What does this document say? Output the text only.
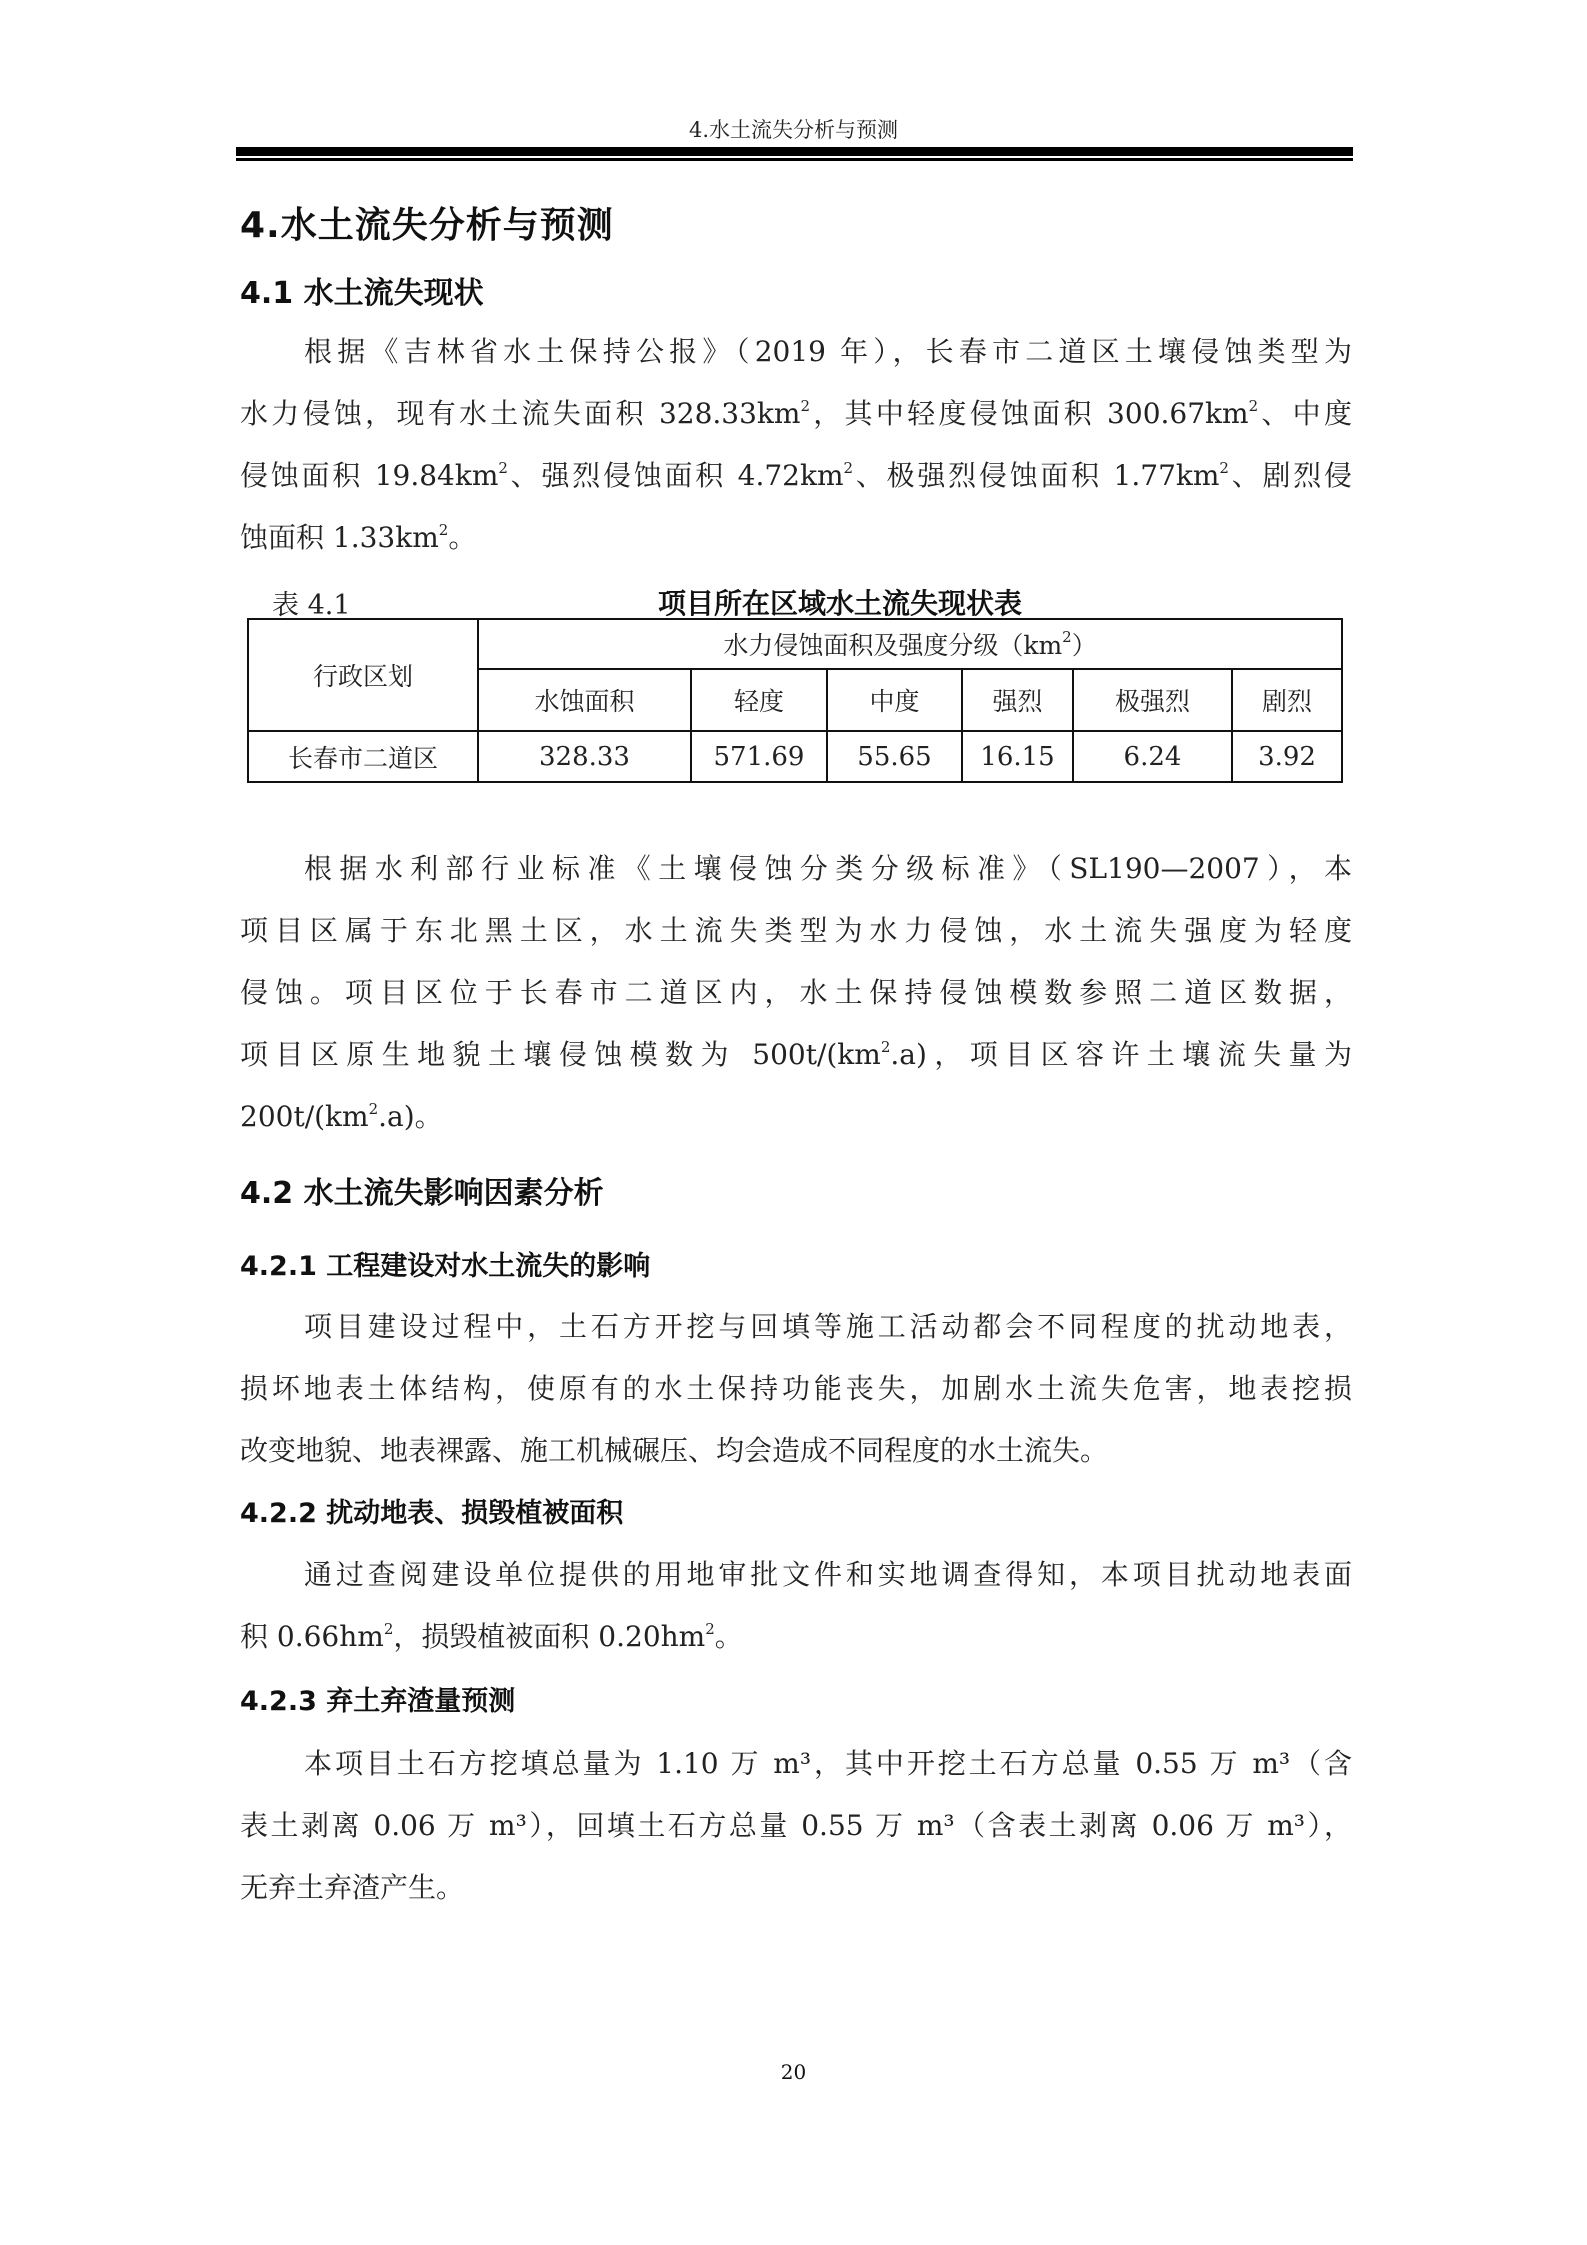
4.水土流失分析与预测
4.水土流失分析与预测
4.1 水土流失现状
根据《吉林省水土保持公报》（2019 年），长春市二道区土壤侵蚀类型为
水力侵蚀，现有水土流失面积 $328.33km^2$，其中轻度侵蚀面积 $300.67km^2$、中度
侵蚀面积 $19.84km^2$、强烈侵蚀面积 $4.72km^2$、极强烈侵蚀面积 $1.77km^2$、剧烈侵
蚀面积 $1.33km^2$。
表 4.1	项目所在区域水土流失现状表
行政区划	水力侵蚀面积及强度分级$(km^2)$					
	水蚀面积	轻度	中度	强烈	极强烈	剧烈
长春市二道区	328.33	571.69	55.65	16.15	6.24	3.92
根据水利部行业标准《土壤侵蚀分类分级标准》（SL190—2007），本
项目区属于东北黑土区，水土流失类型为水力侵蚀，水土流失强度为轻度
侵蚀。项目区位于长春市二道区内，水土保持侵蚀模数参照二道区数据，
项目区原生地貌土壤侵蚀模数为 $500t/(km^2.a)$，项目区容许土壤流失量为
$200t/(km^2.a)$。
4.2 水土流失影响因素分析
4.2.1 工程建设对水土流失的影响
项目建设过程中，土石方开挖与回填等施工活动都会不同程度的扰动地表，
损坏地表土体结构，使原有的水土保持功能丧失，加剧水土流失危害，地表挖损
改变地貌、地表裸露、施工机械碾压、均会造成不同程度的水土流失。
4.2.2 扰动地表、损毁植被面积
通过查阅建设单位提供的用地审批文件和实地调查得知，本项目扰动地表面
积 $0.66hm^2$，损毁植被面积 $0.20hm^2$。
4.2.3 弃土弃渣量预测
本项目土石方挖填总量为 1.10 万 m³，其中开挖土石方总量 0.55 万 m³（含
表土剥离 0.06 万 m³），回填土石方总量 0.55 万 m³（含表土剥离 0.06 万 m³），
无弃土弃渣产生。
20
